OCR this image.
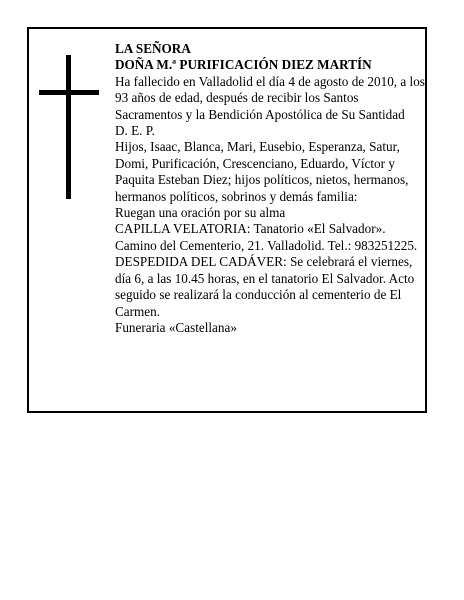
LA SEÑORA

DOÑA M.ª PURIFICACIÓN DIEZ MARTÍN

Ha fallecido en Valladolid el día 4 de agosto de 2010, a los 93 años de edad, después de recibir los Santos Sacramentos y la Bendición Apostólica de Su Santidad

D. E. P.

Hijos, Isaac, Blanca, Mari, Eusebio, Esperanza, Satur, Domi, Purificación, Crescenciano, Eduardo, Víctor y Paquita Esteban Diez; hijos políticos, nietos, hermanos, hermanos políticos, sobrinos y demás familia:

Ruegan una oración por su alma

CAPILLA VELATORIA: Tanatorio «El Salvador». Camino del Cementerio, 21. Valladolid. Tel.: 983251225.

DESPEDIDA DEL CADÁVER: Se celebrará el viernes, día 6, a las 10.45 horas, en el tanatorio El Salvador. Acto seguido se realizará la conducción al cementerio de El Carmen.

Funeraria «Castellana»
